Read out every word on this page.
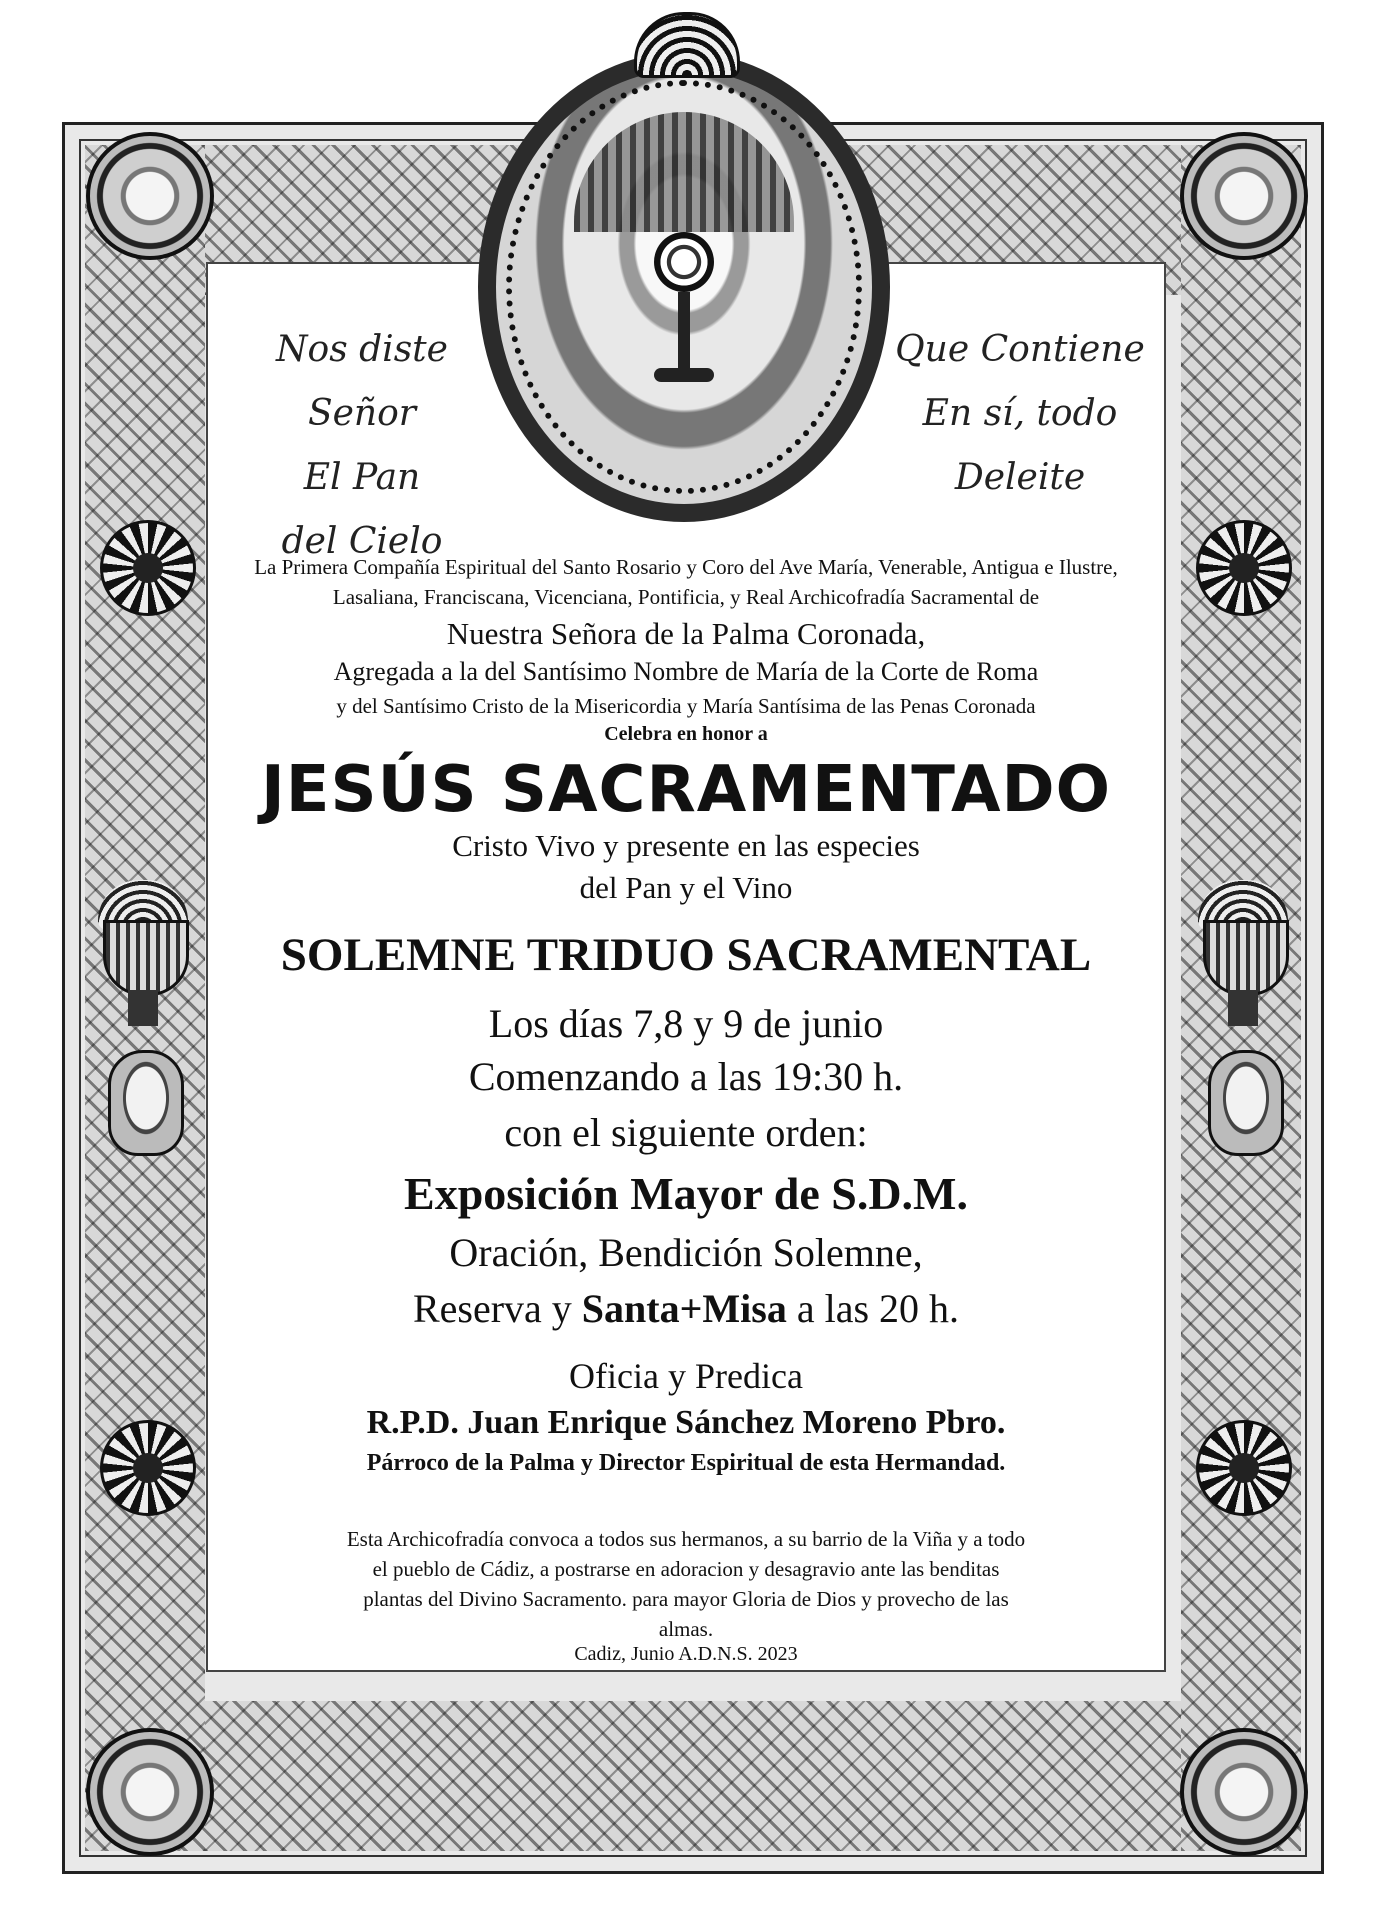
Nos diste Señor
El Pan
del Cielo
Que Contiene
En sí, todo
Deleite
La Primera Compañía Espiritual del Santo Rosario y Coro del Ave María, Venerable, Antigua e Ilustre, Lasaliana, Franciscana, Vicenciana, Pontificia, y Real Archicofradía Sacramental de
Nuestra Señora de la Palma Coronada,
Agregada a la del Santísimo Nombre de María de la Corte de Roma
y del Santísimo Cristo de la Misericordia y María Santísima de las Penas Coronada
Celebra en honor a
JESÚS SACRAMENTADO
Cristo Vivo y presente en las especies
del Pan y el Vino
SOLEMNE TRIDUO SACRAMENTAL
Los días 7,8 y 9 de junio
Comenzando a las 19:30 h.
con el siguiente orden:
Exposición Mayor de S.D.M.
Oración, Bendición Solemne,
Reserva y Santa+Misa a las 20 h.
Oficia y Predica
R.P.D. Juan Enrique Sánchez Moreno Pbro.
Párroco de la Palma y Director Espiritual de esta Hermandad.
Esta Archicofradía convoca a todos sus hermanos, a su barrio de la Viña y a todo el pueblo de Cádiz, a postrarse en adoracion y desagravio ante las benditas plantas del Divino Sacramento. para mayor Gloria de Dios y provecho de las almas.
Cadiz, Junio A.D.N.S. 2023
